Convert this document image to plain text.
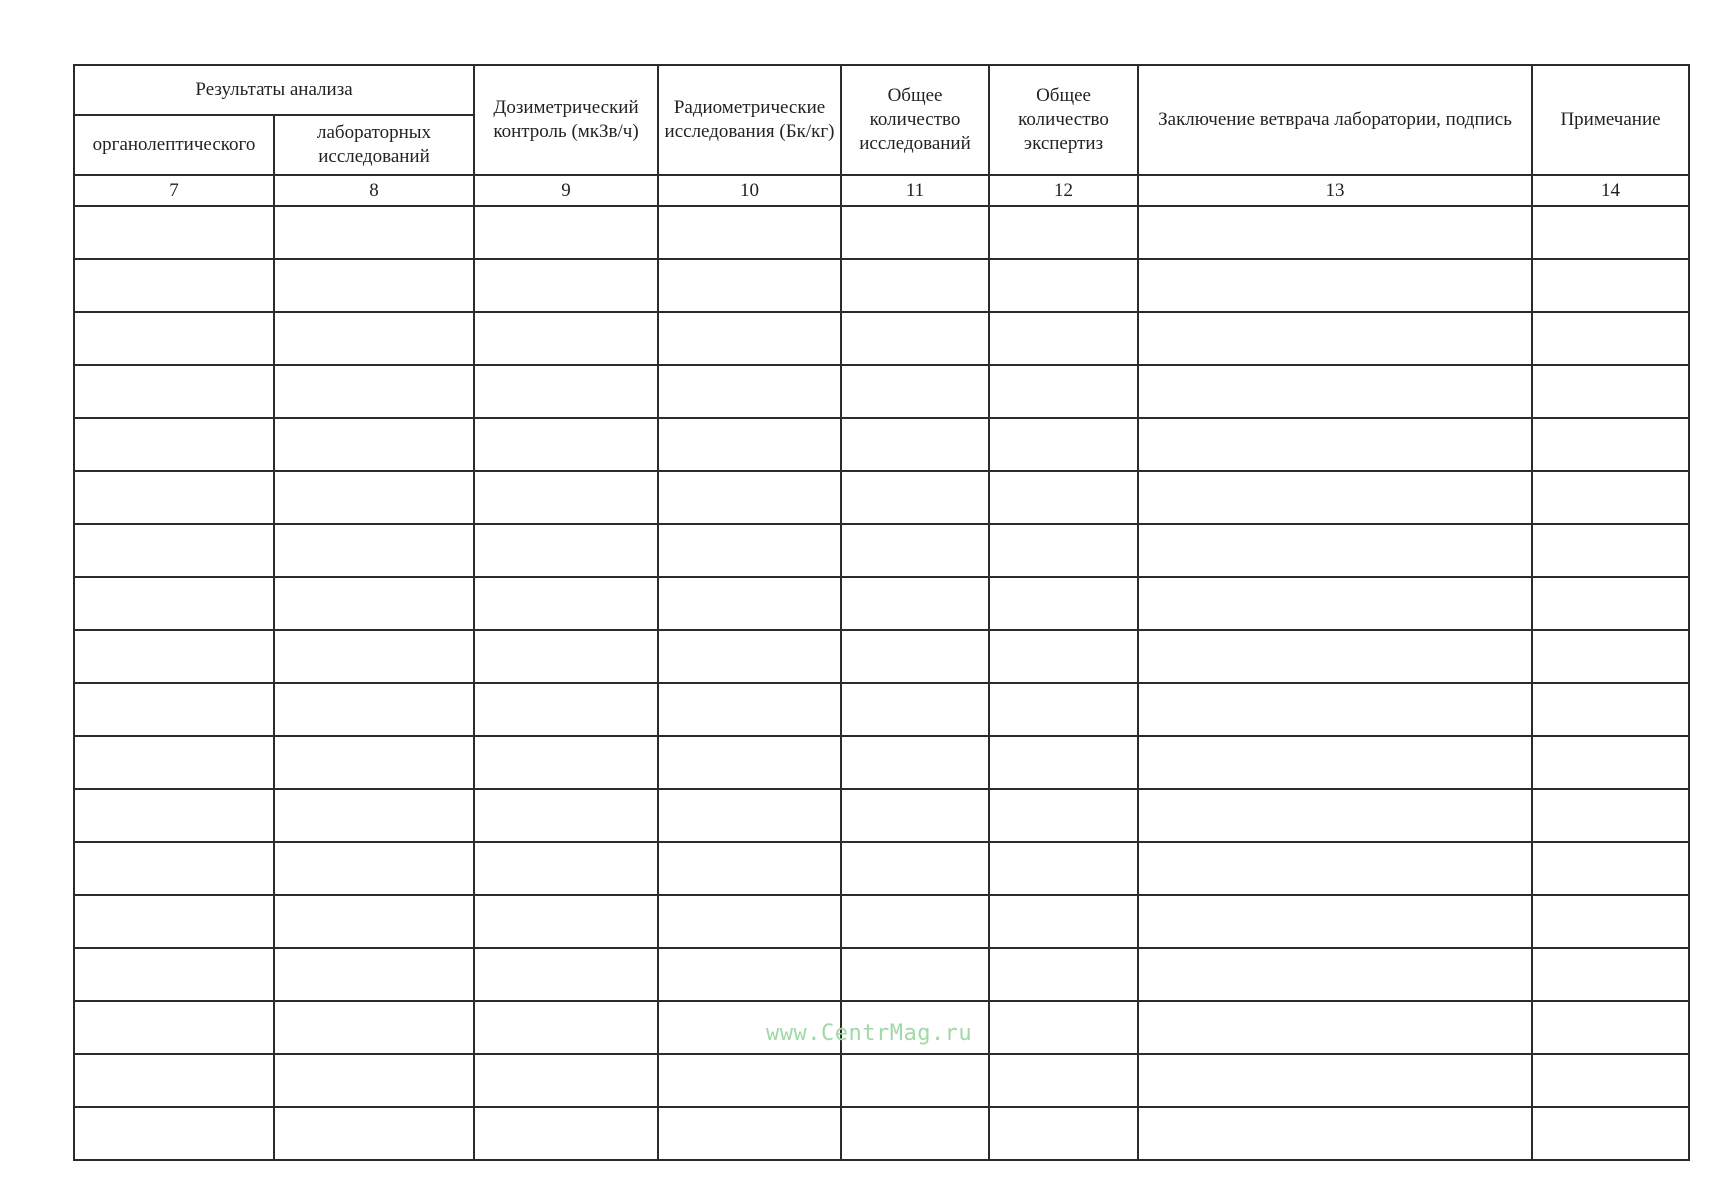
Результаты анализа		Дозиметрический контроль (мкЗв/ч)	Радиометрические исследования (Бк/кг)	Общее количество исследований	Общее количество экспертиз	Заключение ветврача лаборатории, подпись	Примечание
органолептического	лабораторных исследований						
7	8	9	10	11	12	13	14

www.CentrMag.ru
